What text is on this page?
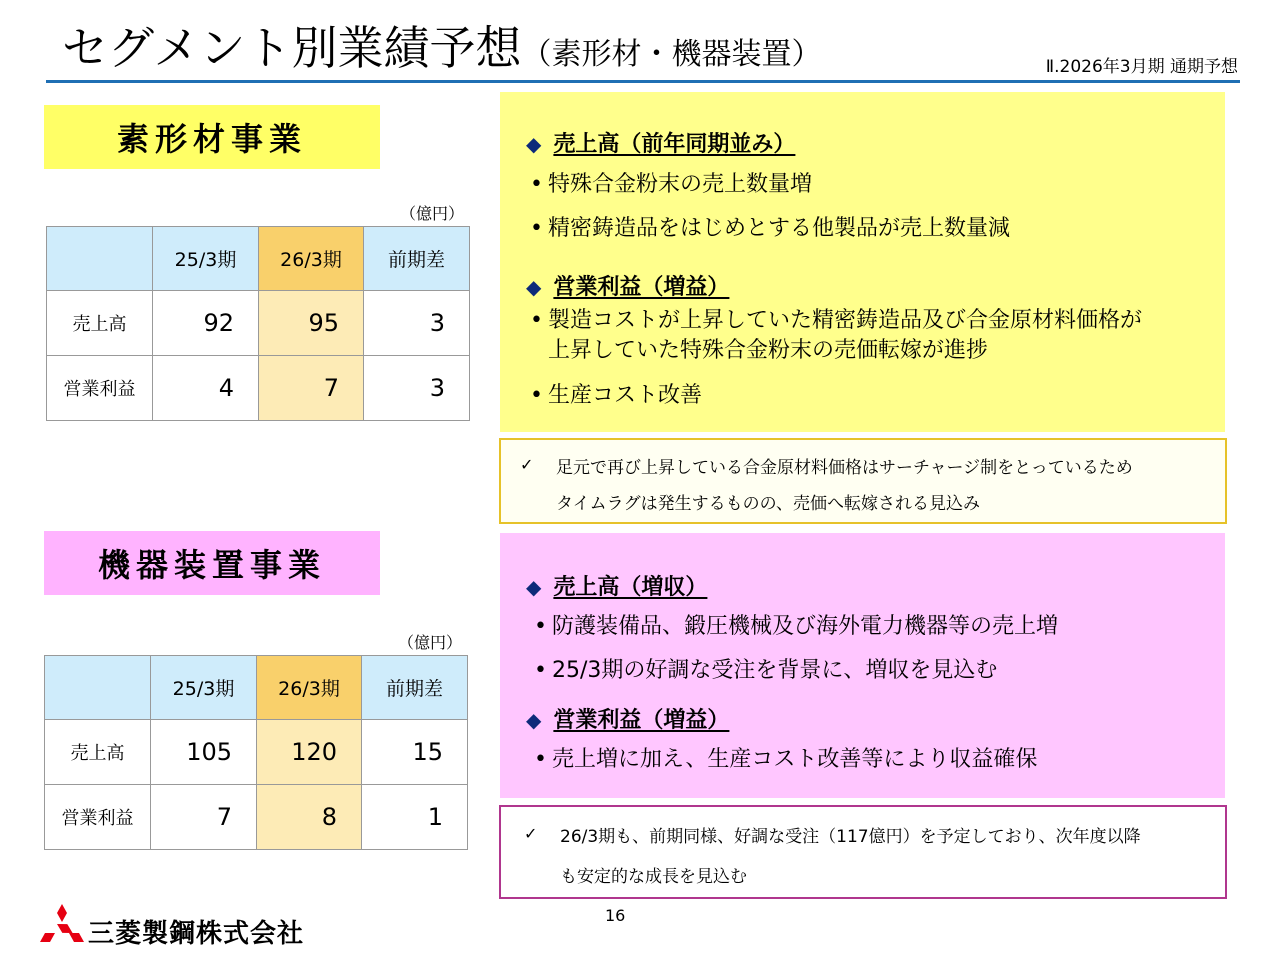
セグメント別業績予想（素形材・機器装置）	Ⅱ.2026年3月期 通期予想
素形材事業
（億円）
	25/3期	26/3期	前期差
売上高	92	95	3
営業利益	4	7	3
◆ 売上高（前年同期並み）
• 特殊合金粉末の売上数量増
• 精密鋳造品をはじめとする他製品が売上数量減
◆ 営業利益（増益）
• 製造コストが上昇していた精密鋳造品及び合金原材料価格が
上昇していた特殊合金粉末の売価転嫁が進捗
• 生産コスト改善
✓ 足元で再び上昇している合金原材料価格はサーチャージ制をとっているため
タイムラグは発生するものの、売価へ転嫁される見込み
機器装置事業
（億円）
	25/3期	26/3期	前期差
売上高	105	120	15
営業利益	7	8	1
◆ 売上高（増収）
• 防護装備品、鍛圧機械及び海外電力機器等の売上増
• 25/3期の好調な受注を背景に、増収を見込む
◆ 営業利益（増益）
• 売上増に加え、生産コスト改善等により収益確保
✓ 26/3期も、前期同様、好調な受注（117億円）を予定しており、次年度以降
も安定的な成長を見込む
16
三菱製鋼株式会社
